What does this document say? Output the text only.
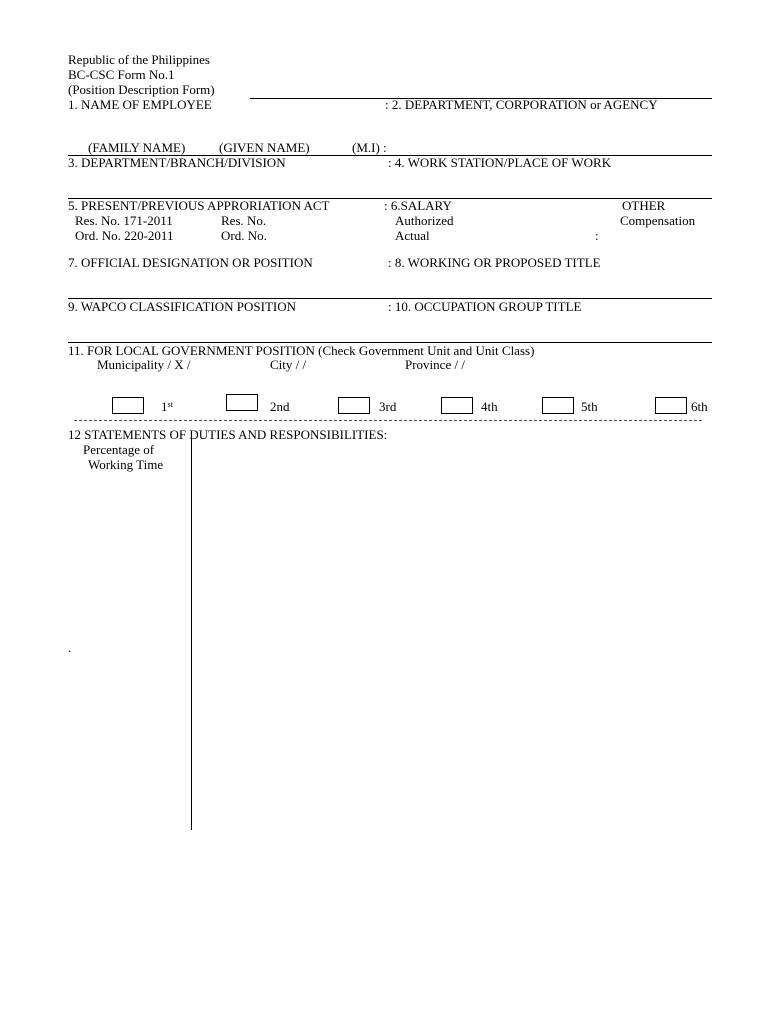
Republic of the Philippines
BC-CSC Form No.1
(Position Description Form)
1. NAME OF EMPLOYEE	: 2. DEPARTMENT, CORPORATION or AGENCY
(FAMILY NAME)	(GIVEN NAME)	(M.I) :
3. DEPARTMENT/BRANCH/DIVISION	: 4. WORK STATION/PLACE OF WORK
5. PRESENT/PREVIOUS APPRORIATION ACT	: 6.SALARY	OTHER
Res. No. 171-2011	Res. No.	Authorized	Compensation
Ord. No. 220-2011	Ord. No.	Actual	:
7. OFFICIAL DESIGNATION OR POSITION	: 8. WORKING OR PROPOSED TITLE
9. WAPCO CLASSIFICATION POSITION	: 10. OCCUPATION GROUP TITLE
11. FOR LOCAL GOVERNMENT POSITION (Check Government Unit and Unit Class)
Municipality / X /	City / /	Province / /
1st	2nd	3rd	4th	5th	6th
12 STATEMENTS OF DUTIES AND RESPONSIBILITIES:
Percentage of
Working Time
.
